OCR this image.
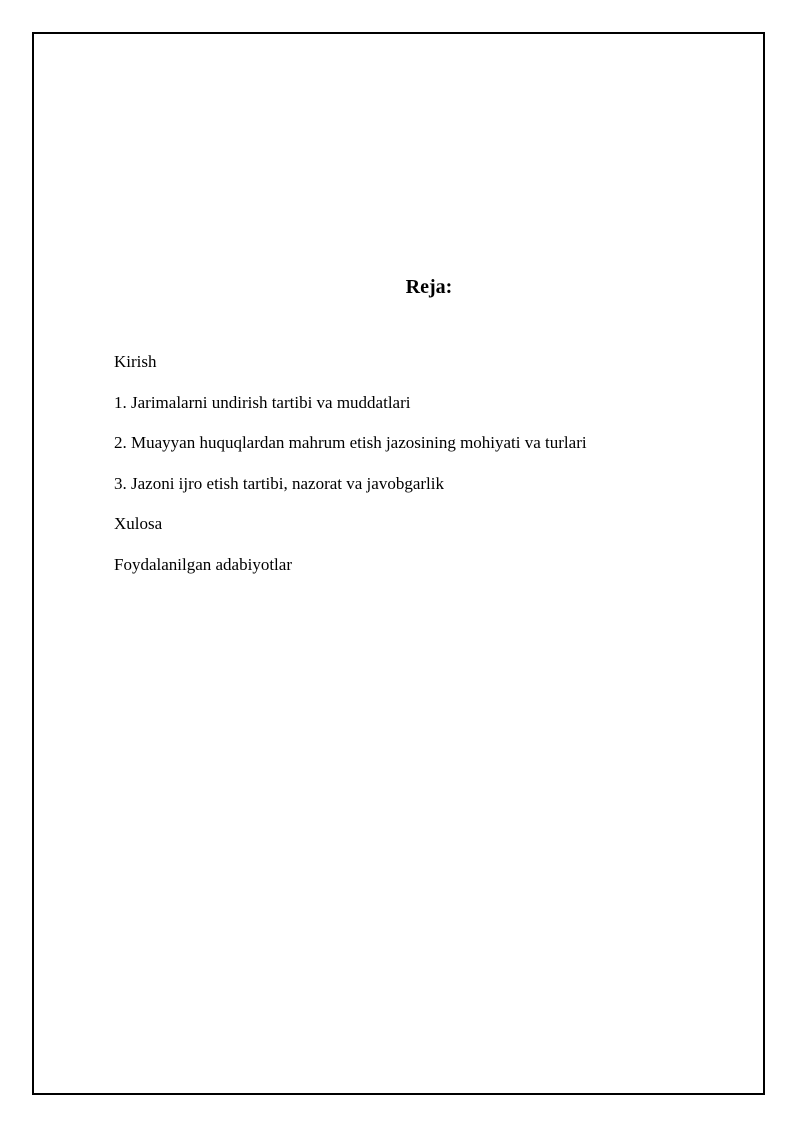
Reja:
Kirish
1. Jarimalarni undirish tartibi va muddatlari
2. Muayyan huquqlardan mahrum etish jazosining mohiyati va turlari
3. Jazoni ijro etish tartibi, nazorat va javobgarlik
Xulosa
Foydalanilgan adabiyotlar
